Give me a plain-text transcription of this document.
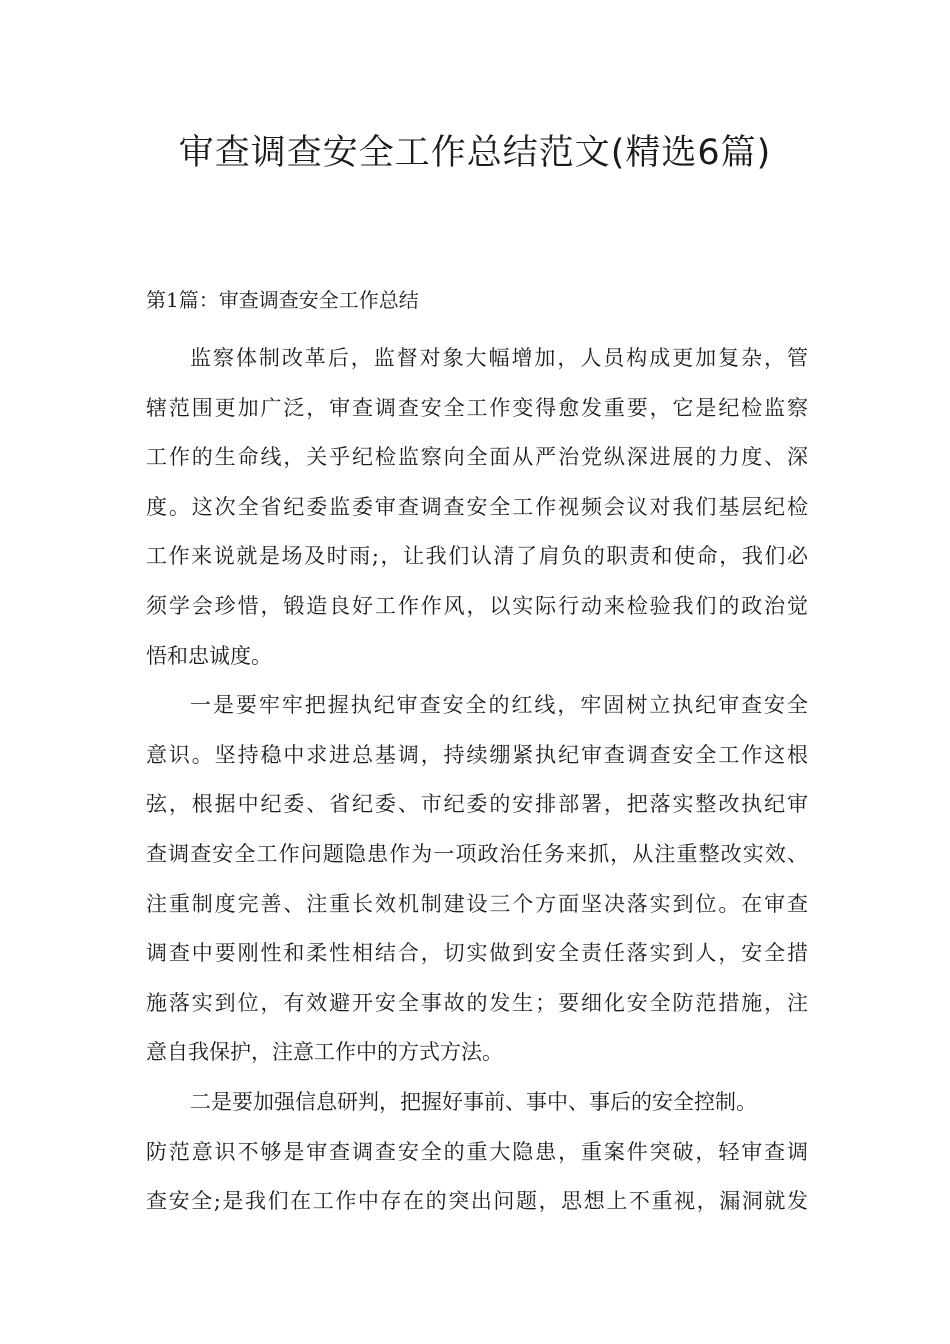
审查调查安全工作总结范文(精选6篇)
第1篇：审查调查安全工作总结
监察体制改革后，监督对象大幅增加，人员构成更加复杂，管
辖范围更加广泛，审查调查安全工作变得愈发重要，它是纪检监察
工作的生命线，关乎纪检监察向全面从严治党纵深进展的力度、深
度。这次全省纪委监委审查调查安全工作视频会议对我们基层纪检
工作来说就是场及时雨;，让我们认清了肩负的职责和使命，我们必
须学会珍惜，锻造良好工作作风，以实际行动来检验我们的政治觉
悟和忠诚度。
一是要牢牢把握执纪审查安全的红线，牢固树立执纪审查安全
意识。坚持稳中求进总基调，持续绷紧执纪审查调查安全工作这根
弦，根据中纪委、省纪委、市纪委的安排部署，把落实整改执纪审
查调查安全工作问题隐患作为一项政治任务来抓，从注重整改实效、
注重制度完善、注重长效机制建设三个方面坚决落实到位。在审查
调查中要刚性和柔性相结合，切实做到安全责任落实到人，安全措
施落实到位，有效避开安全事故的发生；要细化安全防范措施，注
意自我保护，注意工作中的方式方法。
二是要加强信息研判，把握好事前、事中、事后的安全控制。
防范意识不够是审查调查安全的重大隐患，重案件突破，轻审查调
查安全;是我们在工作中存在的突出问题，思想上不重视，漏洞就发
